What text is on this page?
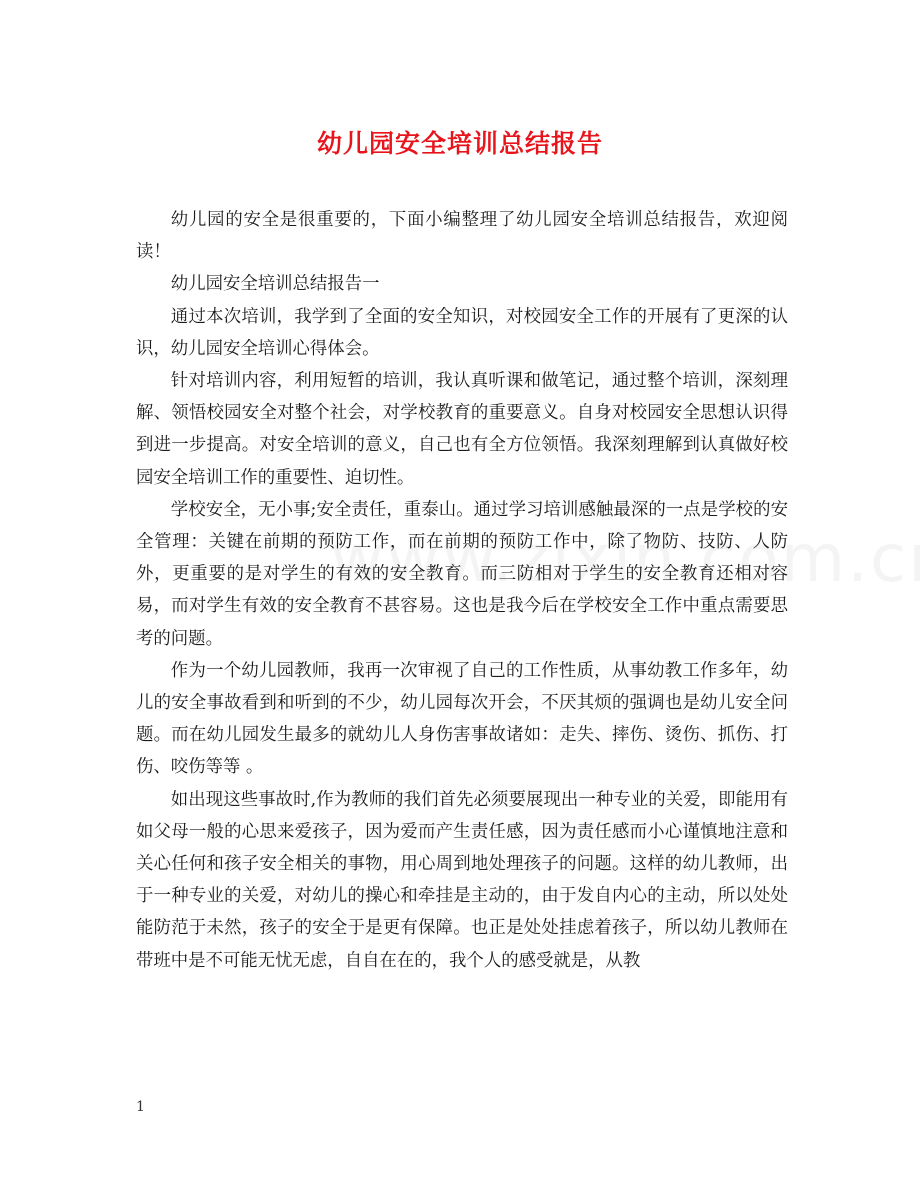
幼儿园安全培训总结报告

幼儿园的安全是很重要的，下面小编整理了幼儿园安全培训总结报告，欢迎阅读！

幼儿园安全培训总结报告一

通过本次培训，我学到了全面的安全知识，对校园安全工作的开展有了更深的认识，幼儿园安全培训心得体会。

针对培训内容，利用短暂的培训，我认真听课和做笔记，通过整个培训，深刻理解、领悟校园安全对整个社会，对学校教育的重要意义。自身对校园安全思想认识得到进一步提高。对安全培训的意义，自己也有全方位领悟。我深刻理解到认真做好校园安全培训工作的重要性、迫切性。

学校安全，无小事;安全责任，重泰山。通过学习培训感触最深的一点是学校的安全管理：关键在前期的预防工作，而在前期的预防工作中，除了物防、技防、人防外，更重要的是对学生的有效的安全教育。而三防相对于学生的安全教育还相对容易，而对学生有效的安全教育不甚容易。这也是我今后在学校安全工作中重点需要思考的问题。

作为一个幼儿园教师，我再一次审视了自己的工作性质，从事幼教工作多年，幼儿的安全事故看到和听到的不少，幼儿园每次开会，不厌其烦的强调也是幼儿安全问题。而在幼儿园发生最多的就幼儿人身伤害事故诸如：走失、摔伤、烫伤、抓伤、打伤、咬伤等等 。

如出现这些事故时,作为教师的我们首先必须要展现出一种专业的关爱，即能用有如父母一般的心思来爱孩子，因为爱而产生责任感，因为责任感而小心谨慎地注意和关心任何和孩子安全相关的事物，用心周到地处理孩子的问题。这样的幼儿教师，出于一种专业的关爱，对幼儿的操心和牵挂是主动的，由于发自内心的主动，所以处处能防范于未然，孩子的安全于是更有保障。也正是处处挂虑着孩子，所以幼儿教师在带班中是不可能无忧无虑，自自在在的，我个人的感受就是，从教

1
